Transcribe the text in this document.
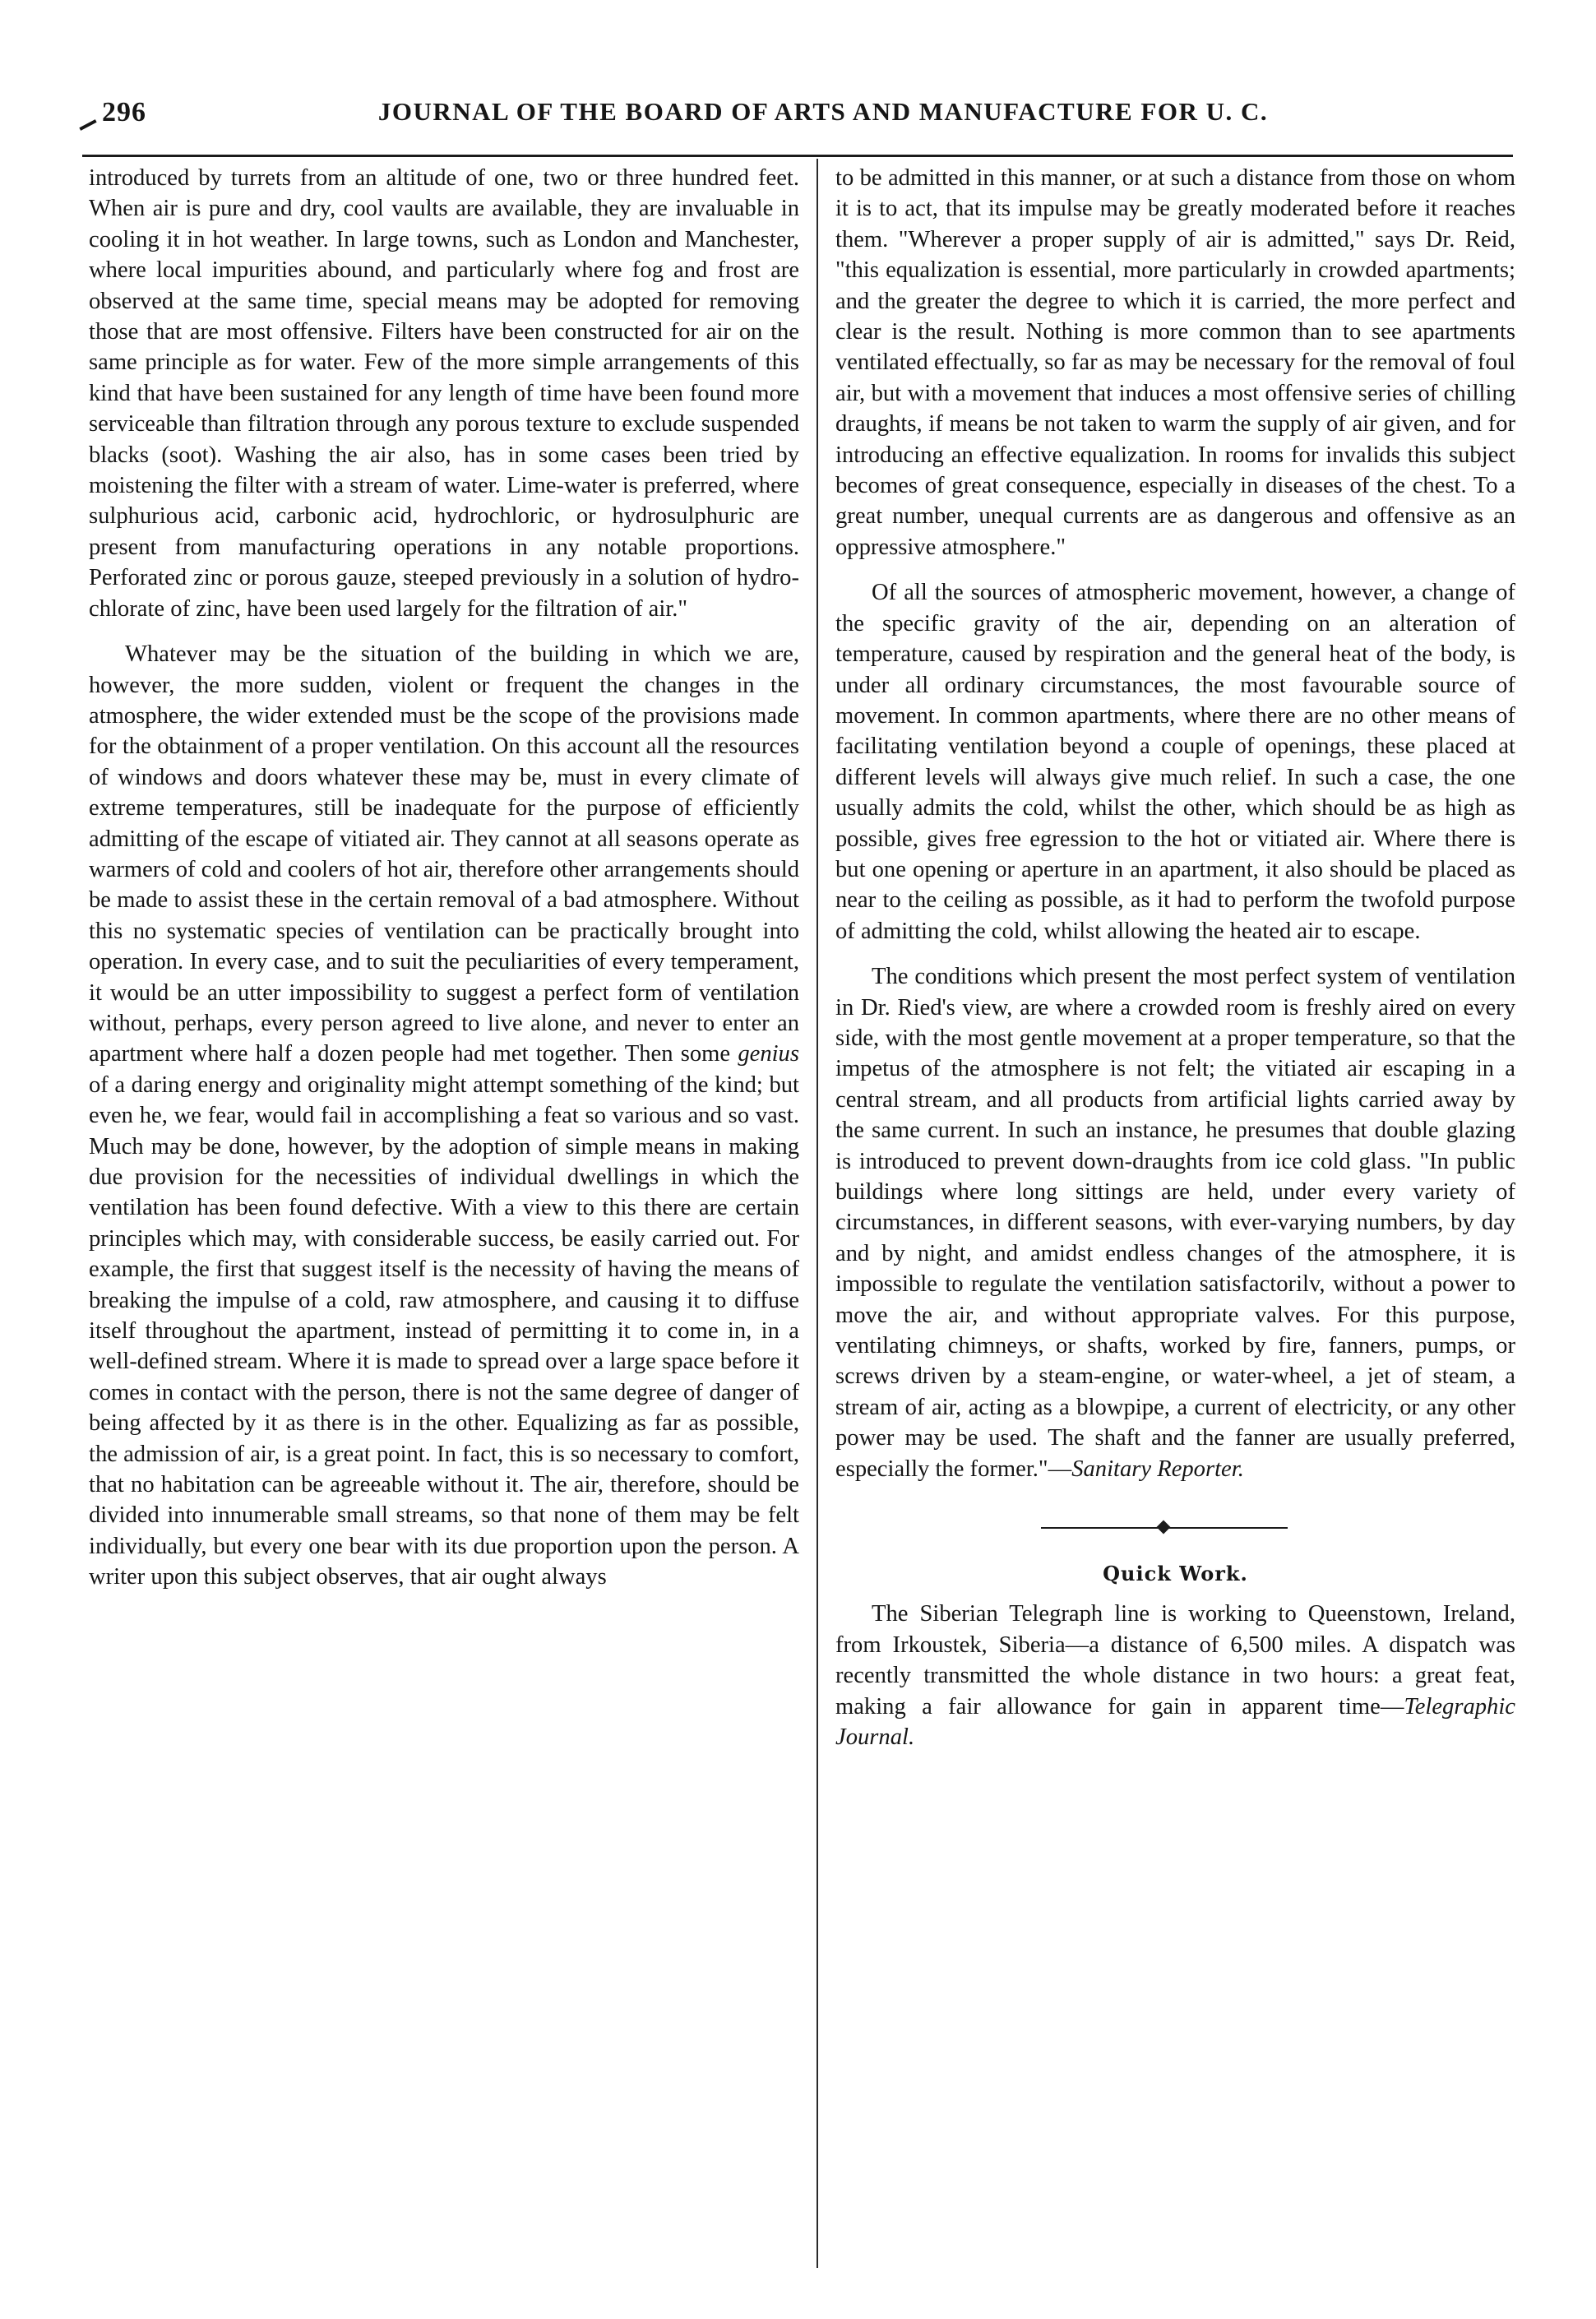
296	JOURNAL OF THE BOARD OF ARTS AND MANUFACTURE FOR U. C.

introduced by turrets from an altitude of one, two or three hundred feet. When air is pure and dry, cool vaults are available, they are invaluable in cooling it in hot weather. In large towns, such as London and Manchester, where local impurities abound, and particularly where fog and frost are observed at the same time, special means may be adopted for removing those that are most offensive. Filters have been constructed for air on the same principle as for water. Few of the more simple arrangements of this kind that have been sustained for any length of time have been found more serviceable than filtration through any porous texture to exclude suspended blacks (soot). Washing the air also, has in some cases been tried by moistening the filter with a stream of water. Lime-water is preferred, where sulphurious acid, carbonic acid, hydrochloric, or hydrosulphuric are present from manufacturing operations in any notable proportions. Perforated zinc or porous gauze, steeped previously in a solution of hydro-chlorate of zinc, have been used largely for the filtration of air."

Whatever may be the situation of the building in which we are, however, the more sudden, violent or frequent the changes in the atmosphere, the wider extended must be the scope of the provisions made for the obtainment of a proper ventilation. On this account all the resources of windows and doors whatever these may be, must in every climate of extreme temperatures, still be inadequate for the purpose of efficiently admitting of the escape of vitiated air. They cannot at all seasons operate as warmers of cold and coolers of hot air, therefore other arrangements should be made to assist these in the certain removal of a bad atmosphere. Without this no systematic species of ventilation can be practically brought into operation. In every case, and to suit the peculiarities of every temperament, it would be an utter impossibility to suggest a perfect form of ventilation without, perhaps, every person agreed to live alone, and never to enter an apartment where half a dozen people had met together. Then some genius of a daring energy and originality might attempt something of the kind; but even he, we fear, would fail in accomplishing a feat so various and so vast. Much may be done, however, by the adoption of simple means in making due provision for the necessities of individual dwellings in which the ventilation has been found defective. With a view to this there are certain principles which may, with considerable success, be easily carried out. For example, the first that suggest itself is the necessity of having the means of breaking the impulse of a cold, raw atmosphere, and causing it to diffuse itself throughout the apartment, instead of permitting it to come in, in a well-defined stream. Where it is made to spread over a large space before it comes in contact with the person, there is not the same degree of danger of being affected by it as there is in the other. Equalizing as far as possible, the admission of air, is a great point. In fact, this is so necessary to comfort, that no habitation can be agreeable without it. The air, therefore, should be divided into innumerable small streams, so that none of them may be felt individually, but every one bear with its due proportion upon the person. A writer upon this subject observes, that air ought always

to be admitted in this manner, or at such a distance from those on whom it is to act, that its impulse may be greatly moderated before it reaches them. "Wherever a proper supply of air is admitted," says Dr. Reid, "this equalization is essential, more particularly in crowded apartments; and the greater the degree to which it is carried, the more perfect and clear is the result. Nothing is more common than to see apartments ventilated effectually, so far as may be necessary for the removal of foul air, but with a movement that induces a most offensive series of chilling draughts, if means be not taken to warm the supply of air given, and for introducing an effective equalization. In rooms for invalids this subject becomes of great consequence, especially in diseases of the chest. To a great number, unequal currents are as dangerous and offensive as an oppressive atmosphere."

Of all the sources of atmospheric movement, however, a change of the specific gravity of the air, depending on an alteration of temperature, caused by respiration and the general heat of the body, is under all ordinary circumstances, the most favourable source of movement. In common apartments, where there are no other means of facilitating ventilation beyond a couple of openings, these placed at different levels will always give much relief. In such a case, the one usually admits the cold, whilst the other, which should be as high as possible, gives free egression to the hot or vitiated air. Where there is but one opening or aperture in an apartment, it also should be placed as near to the ceiling as possible, as it had to perform the twofold purpose of admitting the cold, whilst allowing the heated air to escape.

The conditions which present the most perfect system of ventilation in Dr. Ried's view, are where a crowded room is freshly aired on every side, with the most gentle movement at a proper temperature, so that the impetus of the atmosphere is not felt; the vitiated air escaping in a central stream, and all products from artificial lights carried away by the same current. In such an instance, he presumes that double glazing is introduced to prevent down-draughts from ice cold glass. "In public buildings where long sittings are held, under every variety of circumstances, in different seasons, with ever-varying numbers, by day and by night, and amidst endless changes of the atmosphere, it is impossible to regulate the ventilation satisfactorilv, without a power to move the air, and without appropriate valves. For this purpose, ventilating chimneys, or shafts, worked by fire, fanners, pumps, or screws driven by a steam-engine, or water-wheel, a jet of steam, a stream of air, acting as a blowpipe, a current of electricity, or any other power may be used. The shaft and the fanner are usually preferred, especially the former."—Sanitary Reporter.

Quick Work.

The Siberian Telegraph line is working to Queenstown, Ireland, from Irkoustek, Siberia—a distance of 6,500 miles. A dispatch was recently transmitted the whole distance in two hours: a great feat, making a fair allowance for gain in apparent time—Telegraphic Journal.
